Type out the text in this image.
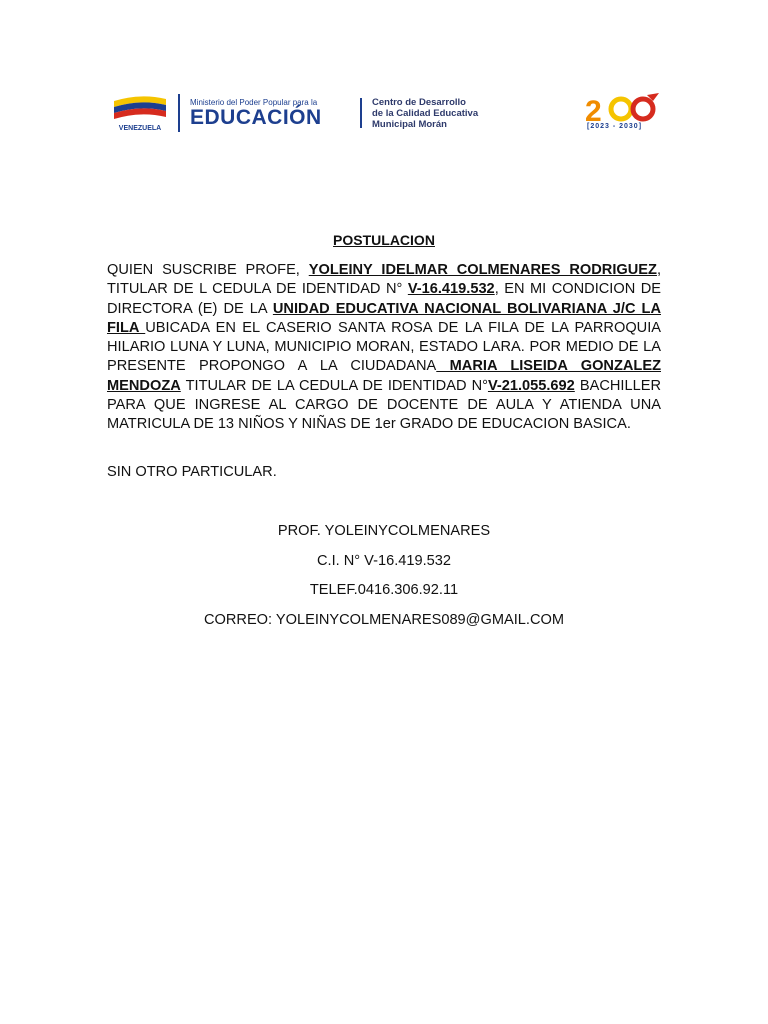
VENEZUELA
Ministerio del Poder Popular para la
EDUCACIÓN
Centro de Desarrollo
de la Calidad Educativa
Municipal Morán	2
[2023 - 2030]
POSTULACION

QUIEN SUSCRIBE PROFE, YOLEINY IDELMAR COLMENARES RODRIGUEZ, TITULAR DE L CEDULA DE IDENTIDAD N° V-16.419.532, EN MI CONDICION DE DIRECTORA (E) DE LA UNIDAD EDUCATIVA NACIONAL BOLIVARIANA J/C LA FILA UBICADA EN EL CASERIO SANTA ROSA DE LA FILA DE LA PARROQUIA HILARIO LUNA Y LUNA, MUNICIPIO MORAN, ESTADO LARA. POR MEDIO DE LA PRESENTE PROPONGO A LA CIUDADANA MARIA LISEIDA GONZALEZ MENDOZA TITULAR DE LA CEDULA DE IDENTIDAD N°V-21.055.692 BACHILLER PARA QUE INGRESE AL CARGO DE DOCENTE DE AULA Y ATIENDA UNA MATRICULA DE 13 NIÑOS Y NIÑAS DE 1er GRADO DE EDUCACION BASICA.

SIN OTRO PARTICULAR.
PROF. YOLEINYCOLMENARES
C.I. N° V-16.419.532
TELEF.0416.306.92.11
CORREO: YOLEINYCOLMENARES089@GMAIL.COM
